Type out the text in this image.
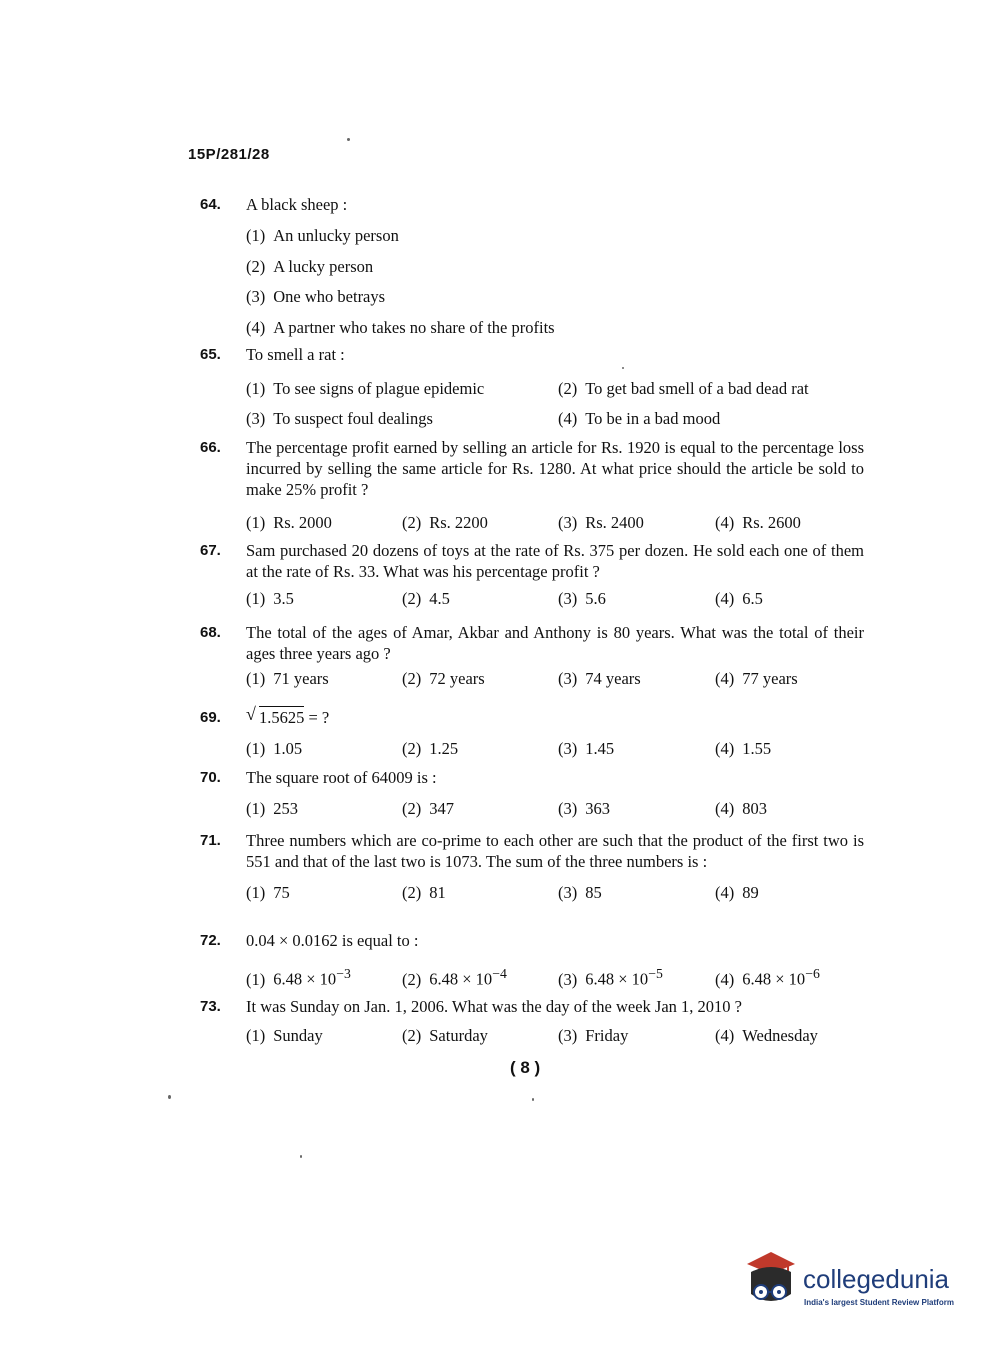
15P/281/28
64.	A black sheep :
(1) An unlucky person
(2) A lucky person
(3) One who betrays
(4) A partner who takes no share of the profits
65.	To smell a rat :
(1) To see signs of plague epidemic	(2) To get bad smell of a bad dead rat
(3) To suspect foul dealings	(4) To be in a bad mood
66.	The percentage profit earned by selling an article for Rs. 1920 is equal to the percentage loss incurred by selling the same article for Rs. 1280. At what price should the article be sold to make 25% profit ?
(1) Rs. 2000	(2) Rs. 2200	(3) Rs. 2400	(4) Rs. 2600
67.	Sam purchased 20 dozens of toys at the rate of Rs. 375 per dozen. He sold each one of them at the rate of Rs. 33. What was his percentage profit ?
(1) 3.5	(2) 4.5	(3) 5.6	(4) 6.5
68.	The total of the ages of Amar, Akbar and Anthony is 80 years. What was the total of their ages three years ago ?
(1) 71 years	(2) 72 years	(3) 74 years	(4) 77 years
69.	√ 1.5625 = ?
(1) 1.05	(2) 1.25	(3) 1.45	(4) 1.55
70.	The square root of 64009 is :
(1) 253	(2) 347	(3) 363	(4) 803
71.	Three numbers which are co-prime to each other are such that the product of the first two is 551 and that of the last two is 1073. The sum of the three numbers is :
(1) 75	(2) 81	(3) 85	(4) 89
72.	0.04 × 0.0162 is equal to :
(1) $6.48 \times 10^{-3}$	(2) $6.48 \times 10^{-4}$	(3) $6.48 \times 10^{-5}$	(4) $6.48 \times 10^{-6}$
73.	It was Sunday on Jan. 1, 2006. What was the day of the week Jan 1, 2010 ?
(1) Sunday	(2) Saturday	(3) Friday	(4) Wednesday
( 8 )
collegedunia
India's largest Student Review Platform
